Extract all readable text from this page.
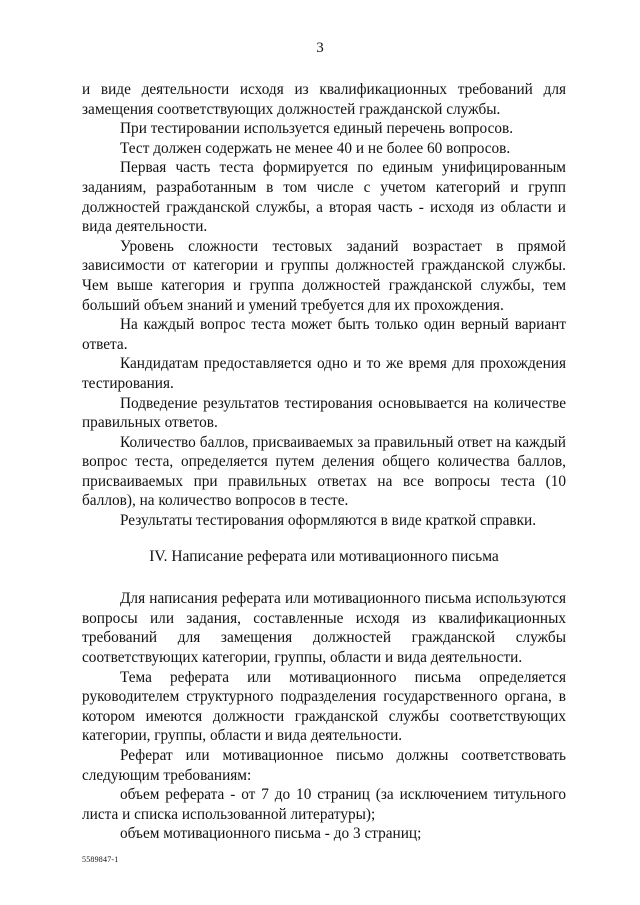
3

и виде деятельности исходя из квалификационных требований для замещения соответствующих должностей гражданской службы.

При тестировании используется единый перечень вопросов.

Тест должен содержать не менее 40 и не более 60 вопросов.

Первая часть теста формируется по единым унифицированным заданиям, разработанным в том числе с учетом категорий и групп должностей гражданской службы, а вторая часть - исходя из области и вида деятельности.

Уровень сложности тестовых заданий возрастает в прямой зависимости от категории и группы должностей гражданской службы. Чем выше категория и группа должностей гражданской службы, тем больший объем знаний и умений требуется для их прохождения.

На каждый вопрос теста может быть только один верный вариант ответа.

Кандидатам предоставляется одно и то же время для прохождения тестирования.

Подведение результатов тестирования основывается на количестве правильных ответов.

Количество баллов, присваиваемых за правильный ответ на каждый вопрос теста, определяется путем деления общего количества баллов, присваиваемых при правильных ответах на все вопросы теста (10 баллов), на количество вопросов в тесте.

Результаты тестирования оформляются в виде краткой справки.

IV. Написание реферата или мотивационного письма

Для написания реферата или мотивационного письма используются вопросы или задания, составленные исходя из квалификационных требований для замещения должностей гражданской службы соответствующих категории, группы, области и вида деятельности.

Тема реферата или мотивационного письма определяется руководителем структурного подразделения государственного органа, в котором имеются должности гражданской службы соответствующих категории, группы, области и вида деятельности.

Реферат или мотивационное письмо должны соответствовать следующим требованиям:

объем реферата - от 7 до 10 страниц (за исключением титульного листа и списка использованной литературы);

объем мотивационного письма - до 3 страниц;

5589847-1
